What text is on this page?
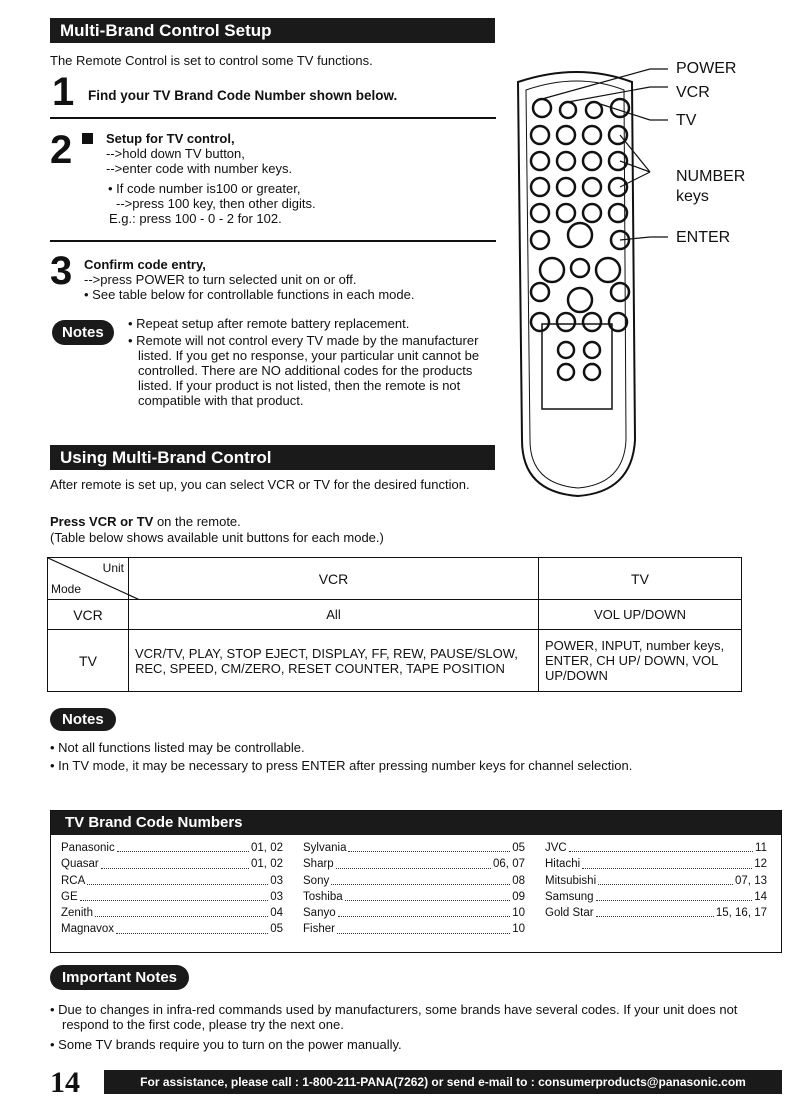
Multi-Brand Control Setup
The Remote Control is set to control some TV functions.
1 Find your TV Brand Code Number shown below.
2	Setup for TV control,
-->hold down TV button,
-->enter code with number keys.
• If code number is100 or greater,
-->press 100 key, then other digits.
E.g.: press 100 - 0 - 2 for 102.
3 Confirm code entry,
-->press POWER to turn selected unit on or off.
• See table below for controllable functions in each mode.
Notes
• Repeat setup after remote battery replacement.
• Remote will not control every TV made by the manufacturer listed. If you get no response, your particular unit cannot be controlled. There are NO additional codes for the products listed. If your product is not listed, then the remote is not compatible with that product.
POWER
VCR
TV
NUMBER
keys
ENTER
Using Multi-Brand Control
After remote is set up, you can select VCR or TV for the desired function.
Press VCR or TV on the remote.
(Table below shows available unit buttons for each mode.)
Unit
Mode	VCR	TV
VCR	All	VOL UP/DOWN
TV	VCR/TV, PLAY, STOP EJECT, DISPLAY, FF, REW, PAUSE/SLOW, REC, SPEED, CM/ZERO, RESET COUNTER, TAPE POSITION	POWER, INPUT, number keys, ENTER, CH UP/ DOWN, VOL UP/DOWN
Notes
• Not all functions listed may be controllable.
• In TV mode, it may be necessary to press ENTER after pressing number keys for channel selection.
TV Brand Code Numbers
Panasonic	01, 02
Quasar	01, 02
RCA	03
GE	03
Zenith	04
Magnavox	05
Sylvania	05
Sharp	06, 07
Sony	08
Toshiba	09
Sanyo	10
Fisher	10
JVC	11
Hitachi	12
Mitsubishi	07, 13
Samsung	14
Gold Star	15, 16, 17
Important Notes
• Due to changes in infra-red commands used by manufacturers, some brands have several codes. If your unit does not respond to the first code, please try the next one.
• Some TV brands require you to turn on the power manually.
14	For assistance, please call : 1-800-211-PANA(7262) or send e-mail to : consumerproducts@panasonic.com
